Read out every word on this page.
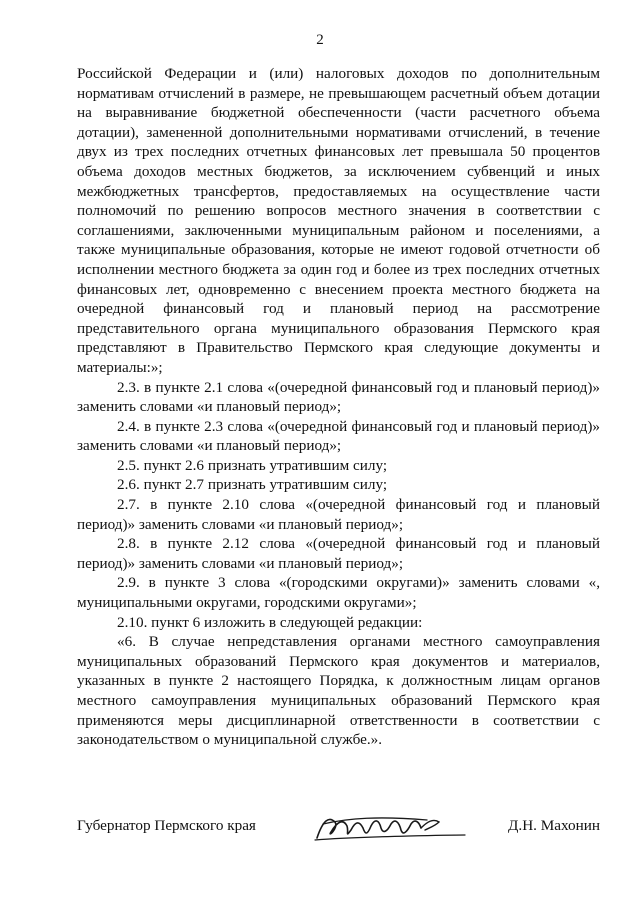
2

Российской Федерации и (или) налоговых доходов по дополнительным нормативам отчислений в размере, не превышающем расчетный объем дотации на выравнивание бюджетной обеспеченности (части расчетного объема дотации), замененной дополнительными нормативами отчислений, в течение двух из трех последних отчетных финансовых лет превышала 50 процентов объема доходов местных бюджетов, за исключением субвенций и иных межбюджетных трансфертов, предоставляемых на осуществление части полномочий по решению вопросов местного значения в соответствии с соглашениями, заключенными муниципальным районом и поселениями, а также муниципальные образования, которые не имеют годовой отчетности об исполнении местного бюджета за один год и более из трех последних отчетных финансовых лет, одновременно с внесением проекта местного бюджета на очередной финансовый год и плановый период на рассмотрение представительного органа муниципального образования Пермского края представляют в Правительство Пермского края следующие документы и материалы:»;

2.3. в пункте 2.1 слова «(очередной финансовый год и плановый период)» заменить словами «и плановый период»;

2.4. в пункте 2.3 слова «(очередной финансовый год и плановый период)» заменить словами «и плановый период»;

2.5. пункт 2.6 признать утратившим силу;

2.6. пункт 2.7 признать утратившим силу;

2.7. в пункте 2.10 слова «(очередной финансовый год и плановый период)» заменить словами «и плановый период»;

2.8. в пункте 2.12 слова «(очередной финансовый год и плановый период)» заменить словами «и плановый период»;

2.9. в пункте 3 слова «(городскими округами)» заменить словами «, муниципальными округами, городскими округами»;

2.10. пункт 6 изложить в следующей редакции:

«6. В случае непредставления органами местного самоуправления муниципальных образований Пермского края документов и материалов, указанных в пункте 2 настоящего Порядка, к должностным лицам органов местного самоуправления муниципальных образований Пермского края применяются меры дисциплинарной ответственности в соответствии с законодательством о муниципальной службе.».

Губернатор Пермского края	Д.Н. Махонин
